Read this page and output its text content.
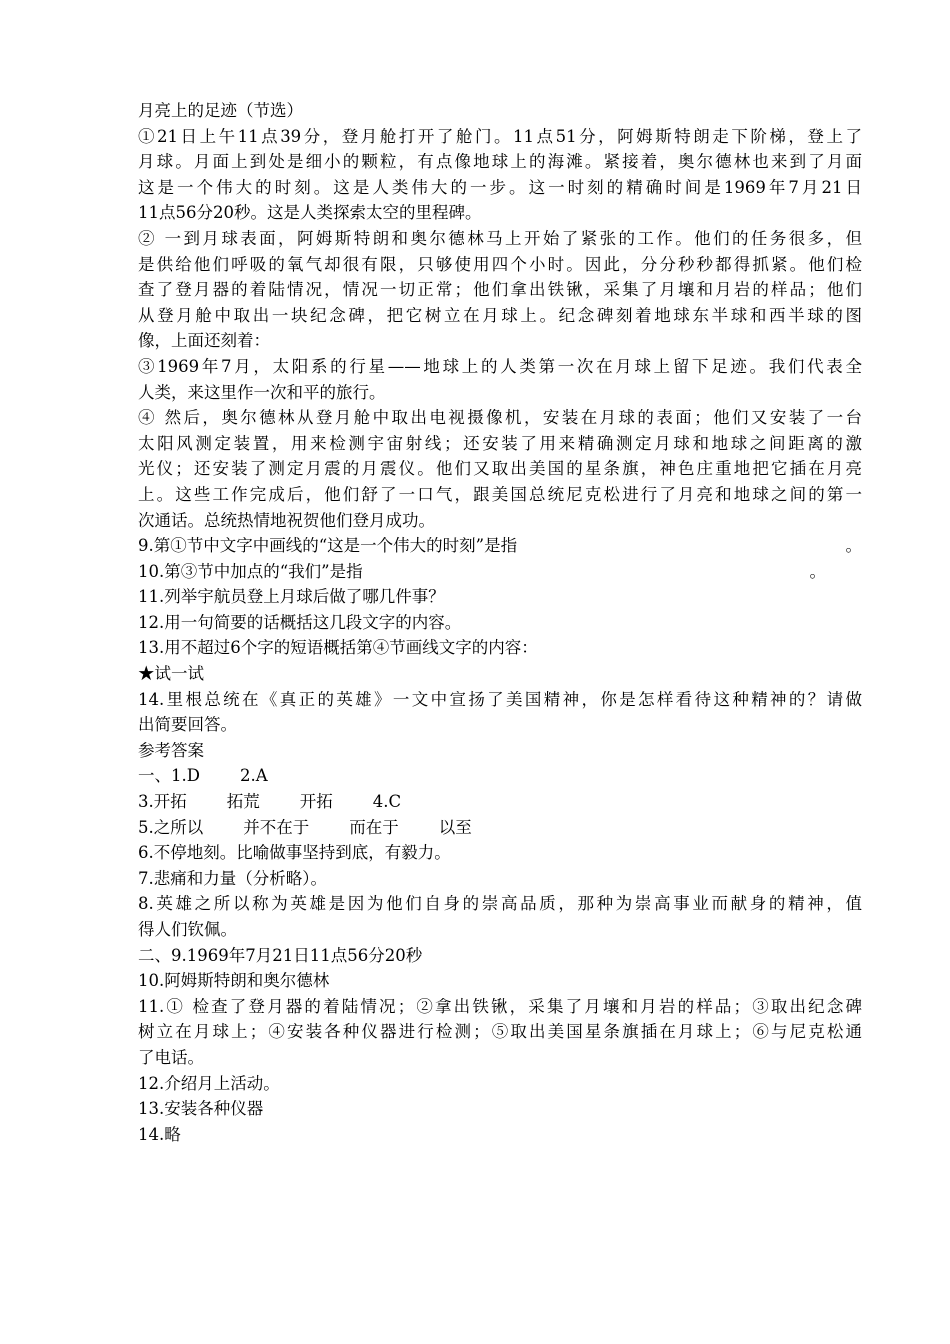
月亮上的足迹（节选）
①21日上午11点39分，登月舱打开了舱门。11点51分，阿姆斯特朗走下阶梯，登上了
月球。月面上到处是细小的颗粒，有点像地球上的海滩。紧接着，奥尔德林也来到了月面
这是一个伟大的时刻。这是人类伟大的一步。这一时刻的精确时间是1969年7月21日
11点56分20秒。这是人类探索太空的里程碑。
② 一到月球表面，阿姆斯特朗和奥尔德林马上开始了紧张的工作。他们的任务很多，但
是供给他们呼吸的氧气却很有限，只够使用四个小时。因此，分分秒秒都得抓紧。他们检
查了登月器的着陆情况，情况一切正常；他们拿出铁锹，采集了月壤和月岩的样品；他们
从登月舱中取出一块纪念碑，把它树立在月球上。纪念碑刻着地球东半球和西半球的图
像，上面还刻着：
③1969年7月，太阳系的行星——地球上的人类第一次在月球上留下足迹。我们代表全
人类，来这里作一次和平的旅行。
④ 然后，奥尔德林从登月舱中取出电视摄像机，安装在月球的表面；他们又安装了一台
太阳风测定装置，用来检测宇宙射线；还安装了用来精确测定月球和地球之间距离的激
光仪；还安装了测定月震的月震仪。他们又取出美国的星条旗，神色庄重地把它插在月亮
上。这些工作完成后，他们舒了一口气，跟美国总统尼克松进行了月亮和地球之间的第一
次通话。总统热情地祝贺他们登月成功。
9.第①节中文字中画线的“这是一个伟大的时刻”是指	。
10.第③节中加点的“我们”是指	。
11.列举宇航员登上月球后做了哪几件事？
12.用一句简要的话概括这几段文字的内容。
13.用不超过6个字的短语概括第④节画线文字的内容：
★试一试
14.里根总统在《真正的英雄》一文中宣扬了美国精神，你是怎样看待这种精神的？请做
出简要回答。
参考答案
一、1.D 2.A
3.开拓 拓荒 开拓 4.C
5.之所以 并不在于 而在于 以至
6.不停地刻。比喻做事坚持到底，有毅力。
7.悲痛和力量（分析略）。
8.英雄之所以称为英雄是因为他们自身的崇高品质，那种为崇高事业而献身的精神，值
得人们钦佩。
二、9.1969年7月21日11点56分20秒
10.阿姆斯特朗和奥尔德林
11.① 检查了登月器的着陆情况；②拿出铁锹，采集了月壤和月岩的样品；③取出纪念碑
树立在月球上；④安装各种仪器进行检测；⑤取出美国星条旗插在月球上；⑥与尼克松通
了电话。
12.介绍月上活动。
13.安装各种仪器
14.略
